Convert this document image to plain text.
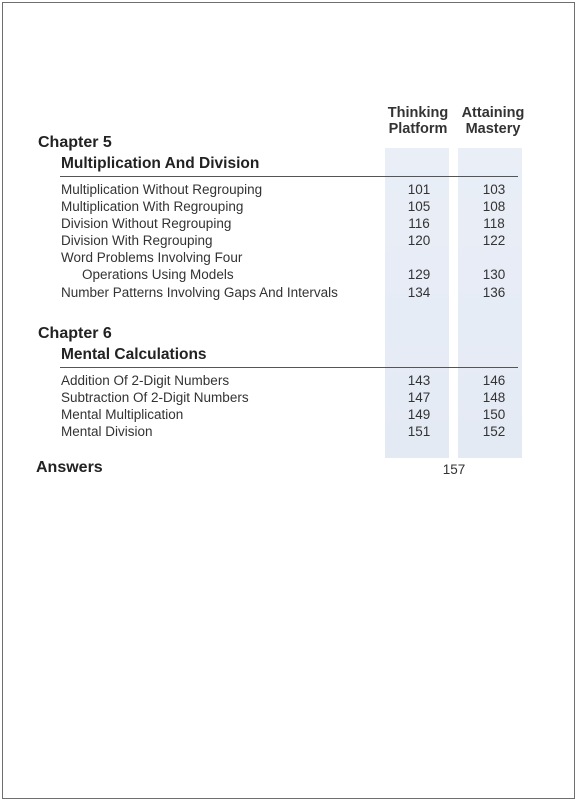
Thinking
Platform
Attaining
Mastery
Chapter 5
Multiplication And Division
Multiplication Without Regrouping	101	103
Multiplication With Regrouping	105	108
Division Without Regrouping	116	118
Division With Regrouping	120	122
Word Problems Involving Four
Operations Using Models	129	130
Number Patterns Involving Gaps And Intervals	134	136
Chapter 6
Mental Calculations
Addition Of 2-Digit Numbers	143	146
Subtraction Of 2-Digit Numbers	147	148
Mental Multiplication	149	150
Mental Division	151	152
Answers	157
